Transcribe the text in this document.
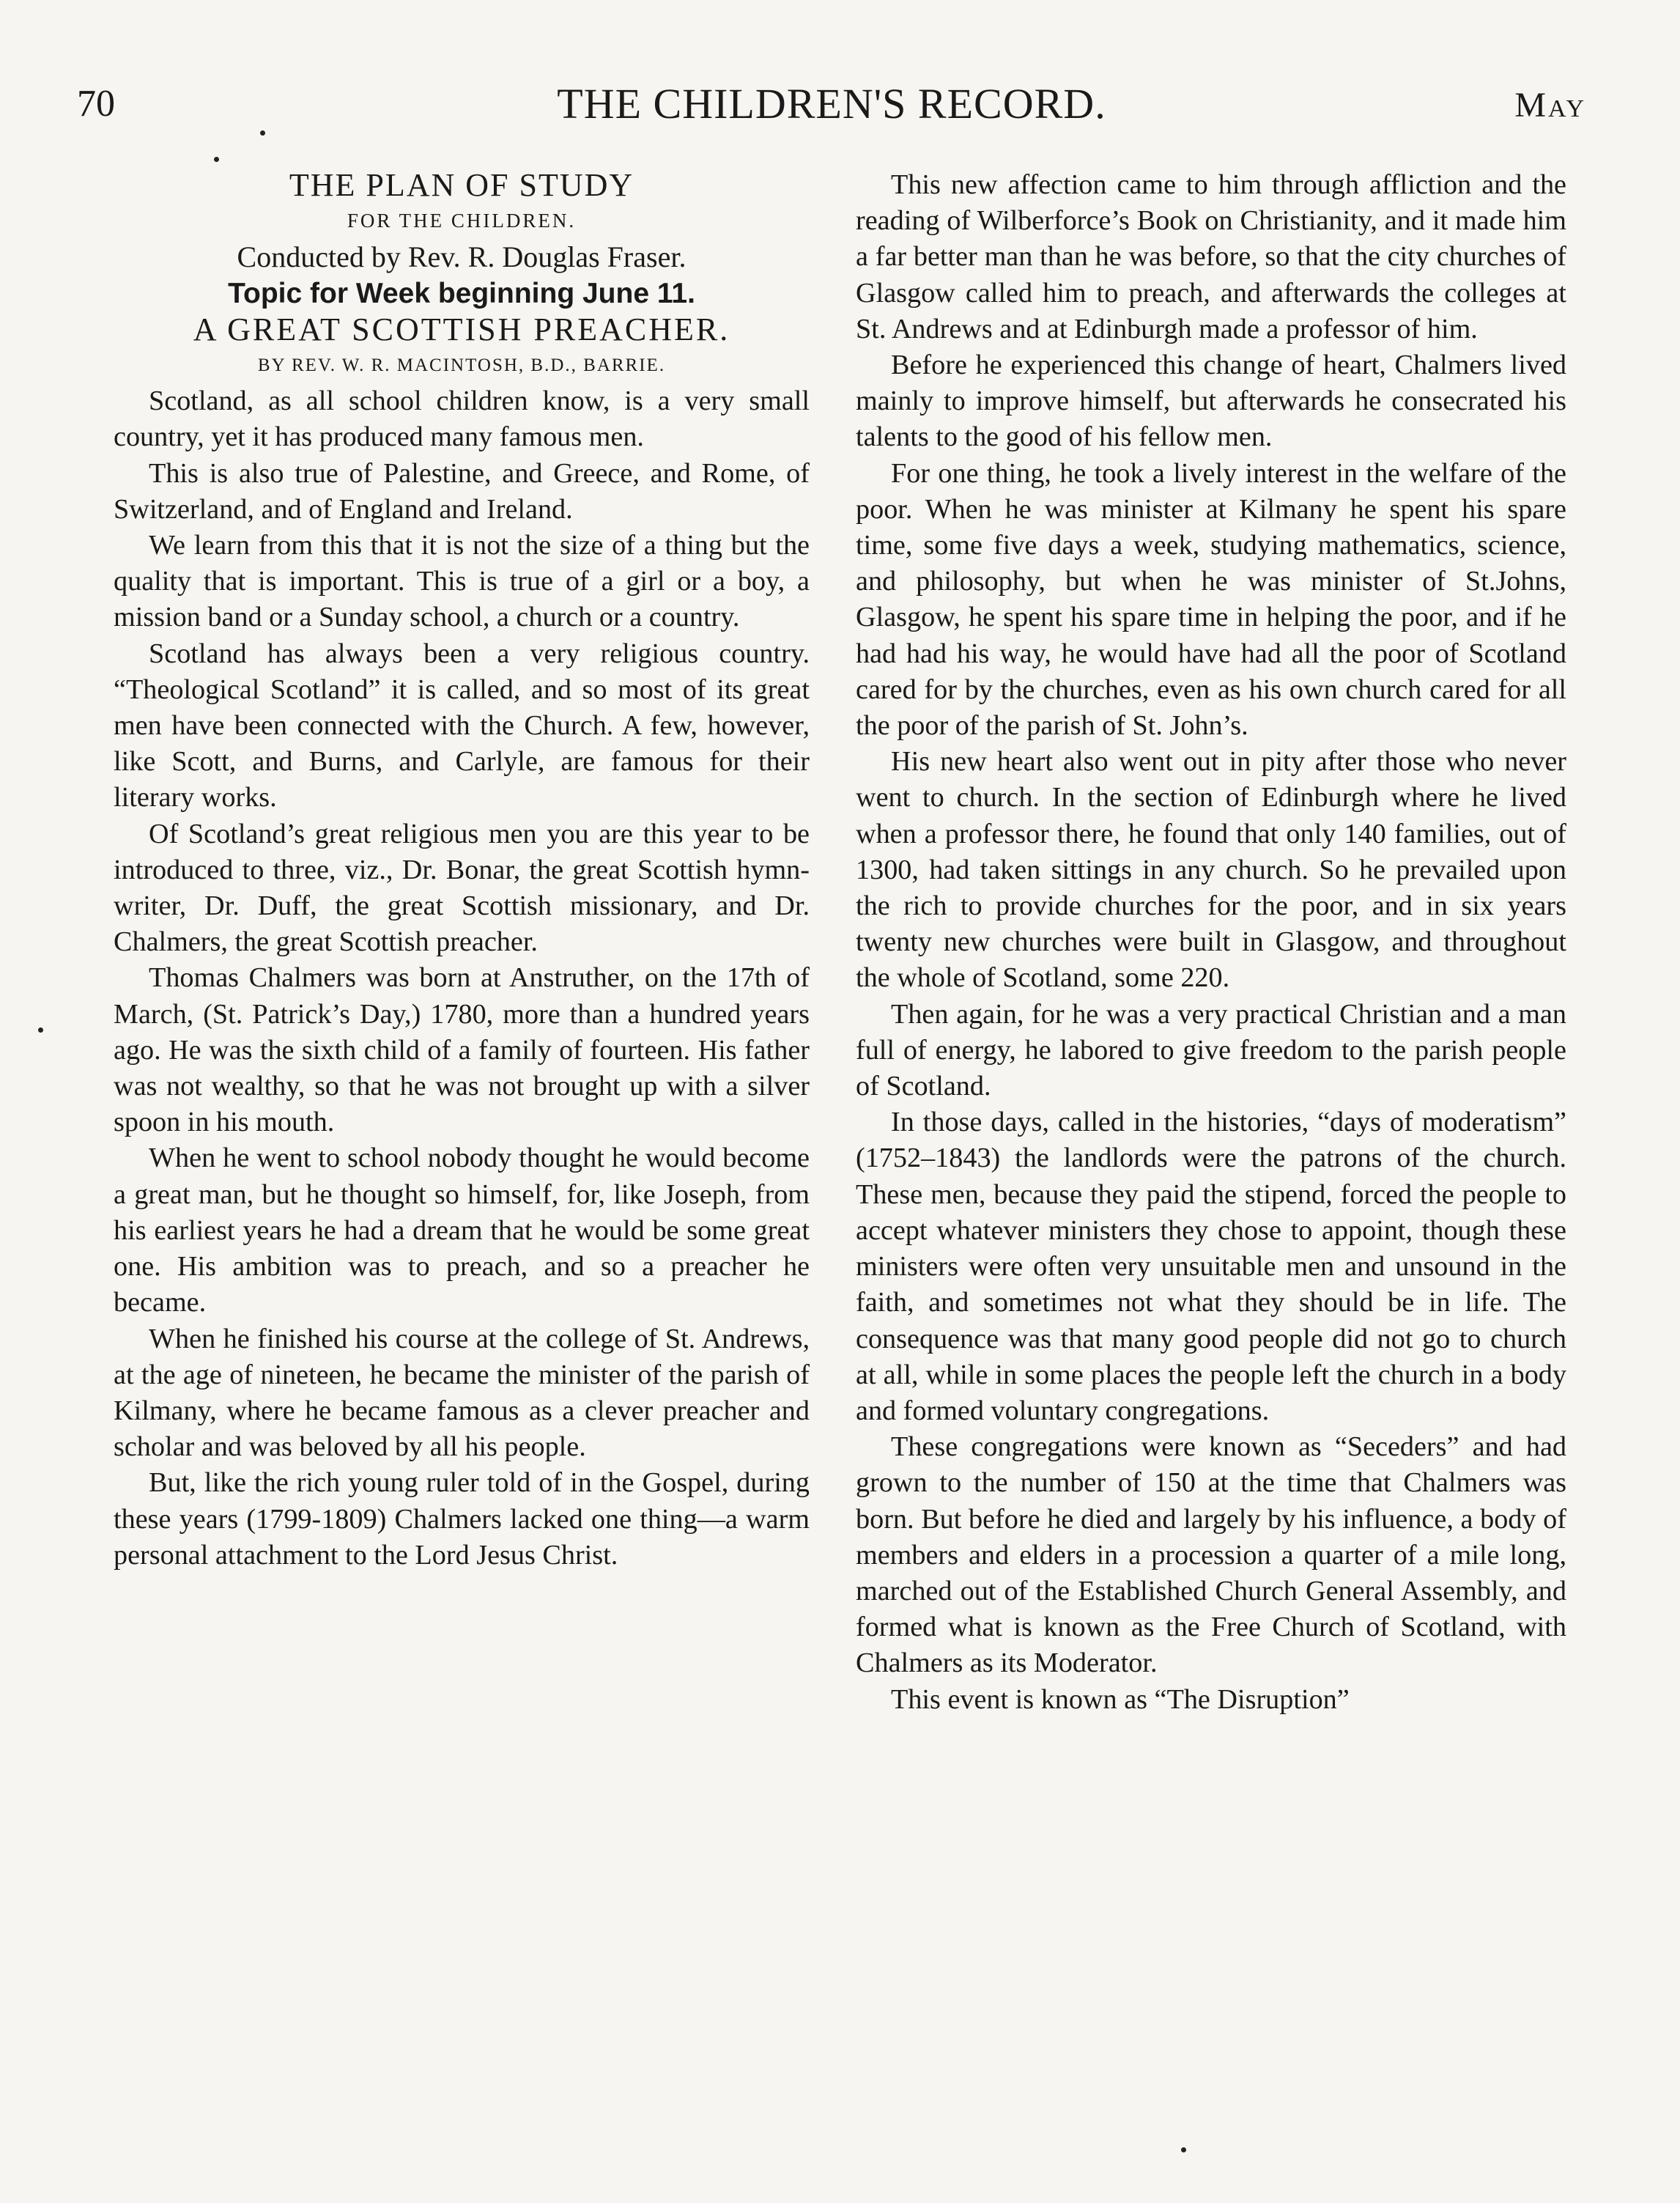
70	THE CHILDREN'S RECORD.	May

THE PLAN OF STUDY

FOR THE CHILDREN.

Conducted by Rev. R. Douglas Fraser.

Topic for Week beginning June 11.

A GREAT SCOTTISH PREACHER.

BY REV. W. R. MACINTOSH, B.D., BARRIE.

Scotland, as all school children know, is a very small country, yet it has produced many famous men.

This is also true of Palestine, and Greece, and Rome, of Switzerland, and of England and Ireland.

We learn from this that it is not the size of a thing but the quality that is important. This is true of a girl or a boy, a mission band or a Sunday school, a church or a country.

Scotland has always been a very religious country. “Theological Scotland” it is called, and so most of its great men have been connected with the Church. A few, however, like Scott, and Burns, and Carlyle, are famous for their literary works.

Of Scotland’s great religious men you are this year to be introduced to three, viz., Dr. Bonar, the great Scottish hymn-writer, Dr. Duff, the great Scottish missionary, and Dr. Chalmers, the great Scottish preacher.

Thomas Chalmers was born at Anstruther, on the 17th of March, (St. Patrick’s Day,) 1780, more than a hundred years ago. He was the sixth child of a family of fourteen. His father was not wealthy, so that he was not brought up with a silver spoon in his mouth.

When he went to school nobody thought he would become a great man, but he thought so himself, for, like Joseph, from his earliest years he had a dream that he would be some great one. His ambition was to preach, and so a preacher he became.

When he finished his course at the college of St. Andrews, at the age of nineteen, he became the minister of the parish of Kilmany, where he became famous as a clever preacher and scholar and was beloved by all his people.

But, like the rich young ruler told of in the Gospel, during these years (1799-1809) Chalmers lacked one thing—a warm personal attachment to the Lord Jesus Christ.

This new affection came to him through affliction and the reading of Wilberforce’s Book on Christianity, and it made him a far better man than he was before, so that the city churches of Glasgow called him to preach, and afterwards the colleges at St. Andrews and at Edinburgh made a professor of him.

Before he experienced this change of heart, Chalmers lived mainly to improve himself, but afterwards he consecrated his talents to the good of his fellow men.

For one thing, he took a lively interest in the welfare of the poor. When he was minister at Kilmany he spent his spare time, some five days a week, studying mathematics, science, and philosophy, but when he was minister of St.Johns, Glasgow, he spent his spare time in helping the poor, and if he had had his way, he would have had all the poor of Scotland cared for by the churches, even as his own church cared for all the poor of the parish of St. John’s.

His new heart also went out in pity after those who never went to church. In the section of Edinburgh where he lived when a professor there, he found that only 140 families, out of 1300, had taken sittings in any church. So he prevailed upon the rich to provide churches for the poor, and in six years twenty new churches were built in Glasgow, and throughout the whole of Scotland, some 220.

Then again, for he was a very practical Christian and a man full of energy, he labored to give freedom to the parish people of Scotland.

In those days, called in the histories, “days of moderatism” (1752–1843) the landlords were the patrons of the church. These men, because they paid the stipend, forced the people to accept whatever ministers they chose to appoint, though these ministers were often very unsuitable men and unsound in the faith, and sometimes not what they should be in life. The consequence was that many good people did not go to church at all, while in some places the people left the church in a body and formed voluntary congregations.

These congregations were known as “Seceders” and had grown to the number of 150 at the time that Chalmers was born. But before he died and largely by his influence, a body of members and elders in a procession a quarter of a mile long, marched out of the Established Church General Assembly, and formed what is known as the Free Church of Scotland, with Chalmers as its Moderator.

This event is known as “The Disruption”
